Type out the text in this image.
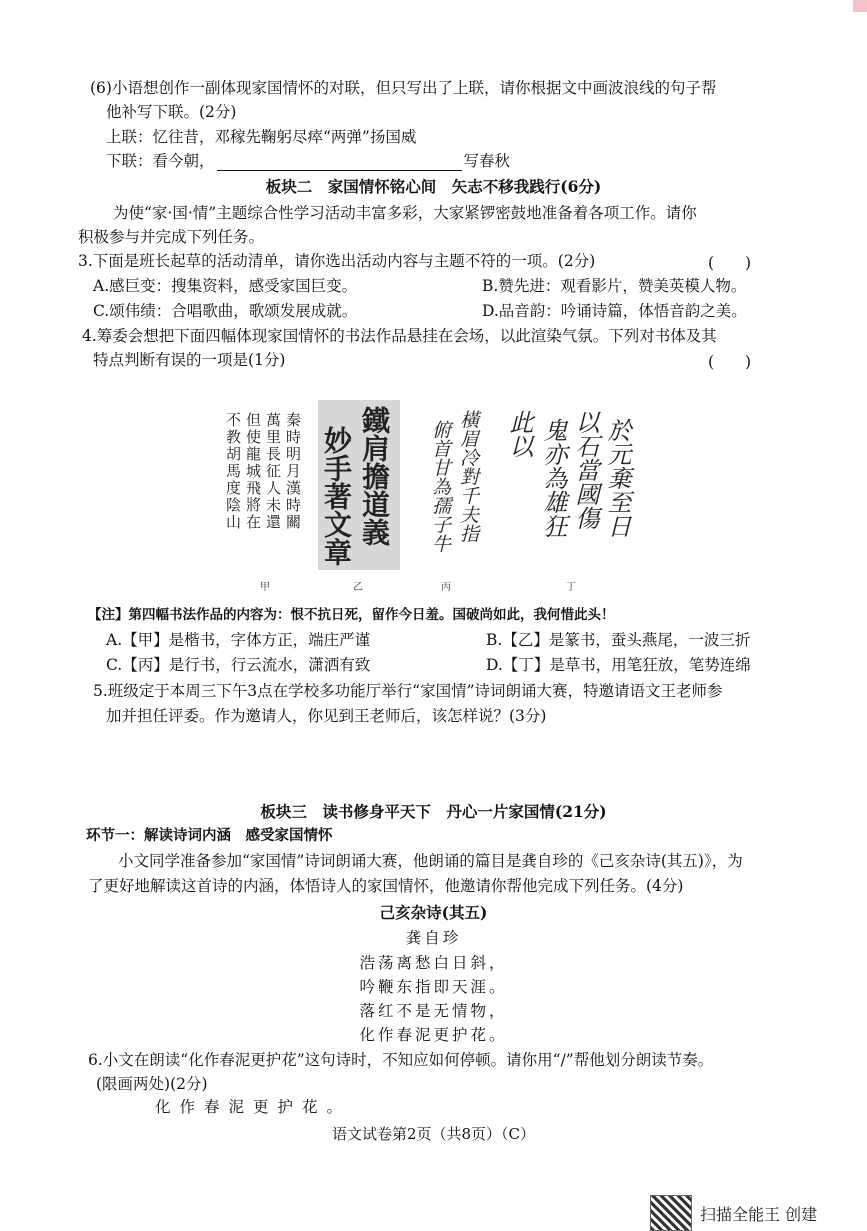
(6)小语想创作一副体现家国情怀的对联，但只写出了上联，请你根据文中画波浪线的句子帮
他补写下联。(2分)
上联：忆往昔，邓稼先鞠躬尽瘁“两弹”扬国威
下联：看今朝，	写春秋
板块二　家国情怀铭心间　矢志不移我践行(6分)
为使“家·国·情”主题综合性学习活动丰富多彩，大家紧锣密鼓地准备着各项工作。请你
积极参与并完成下列任务。
3.下面是班长起草的活动清单，请你选出活动内容与主题不符的一项。(2分)	(　　)
A.感巨变：搜集资料，感受家国巨变。	B.赞先进：观看影片，赞美英模人物。
C.颂伟绩：合唱歌曲，歌颂发展成就。	D.品音韵：吟诵诗篇，体悟音韵之美。
4.筹委会想把下面四幅体现家国情怀的书法作品悬挂在会场，以此渲染气氛。下列对书体及其
特点判断有误的一项是(1分)	(　　)
秦時明月漢時關
萬里長征人未還
但使龍城飛將在
不教胡馬度陰山	鐵肩擔道義
妙手著文章	橫眉冷對千夫指
俯首甘為孺子牛	於元棄至日
以石當國傷
鬼亦為雄狂
此以
甲	乙	丙	丁
【注】第四幅书法作品的内容为：恨不抗日死，留作今日羞。国破尚如此，我何惜此头！
A.【甲】是楷书，字体方正，端庄严谨	B.【乙】是篆书，蚕头燕尾，一波三折
C.【丙】是行书，行云流水，潇洒有致	D.【丁】是草书，用笔狂放，笔势连绵
5.班级定于本周三下午3点在学校多功能厅举行“家国情”诗词朗诵大赛，特邀请语文王老师参
加并担任评委。作为邀请人，你见到王老师后，该怎样说？(3分)
板块三　读书修身平天下　丹心一片家国情(21分)
环节一：解读诗词内涵　感受家国情怀
小文同学准备参加“家国情”诗词朗诵大赛，他朗诵的篇目是龚自珍的《己亥杂诗(其五)》，为
了更好地解读这首诗的内涵，体悟诗人的家国情怀，他邀请你帮他完成下列任务。(4分)
己亥杂诗(其五)
龚自珍
浩荡离愁白日斜，
吟鞭东指即天涯。
落红不是无情物，
化作春泥更护花。
6.小文在朗读“化作春泥更护花”这句诗时，不知应如何停顿。请你用“/”帮他划分朗读节奏。
(限画两处)(2分)
化作春泥更护花。
语文试卷第2页（共8页）（C）
扫描全能王 创建
